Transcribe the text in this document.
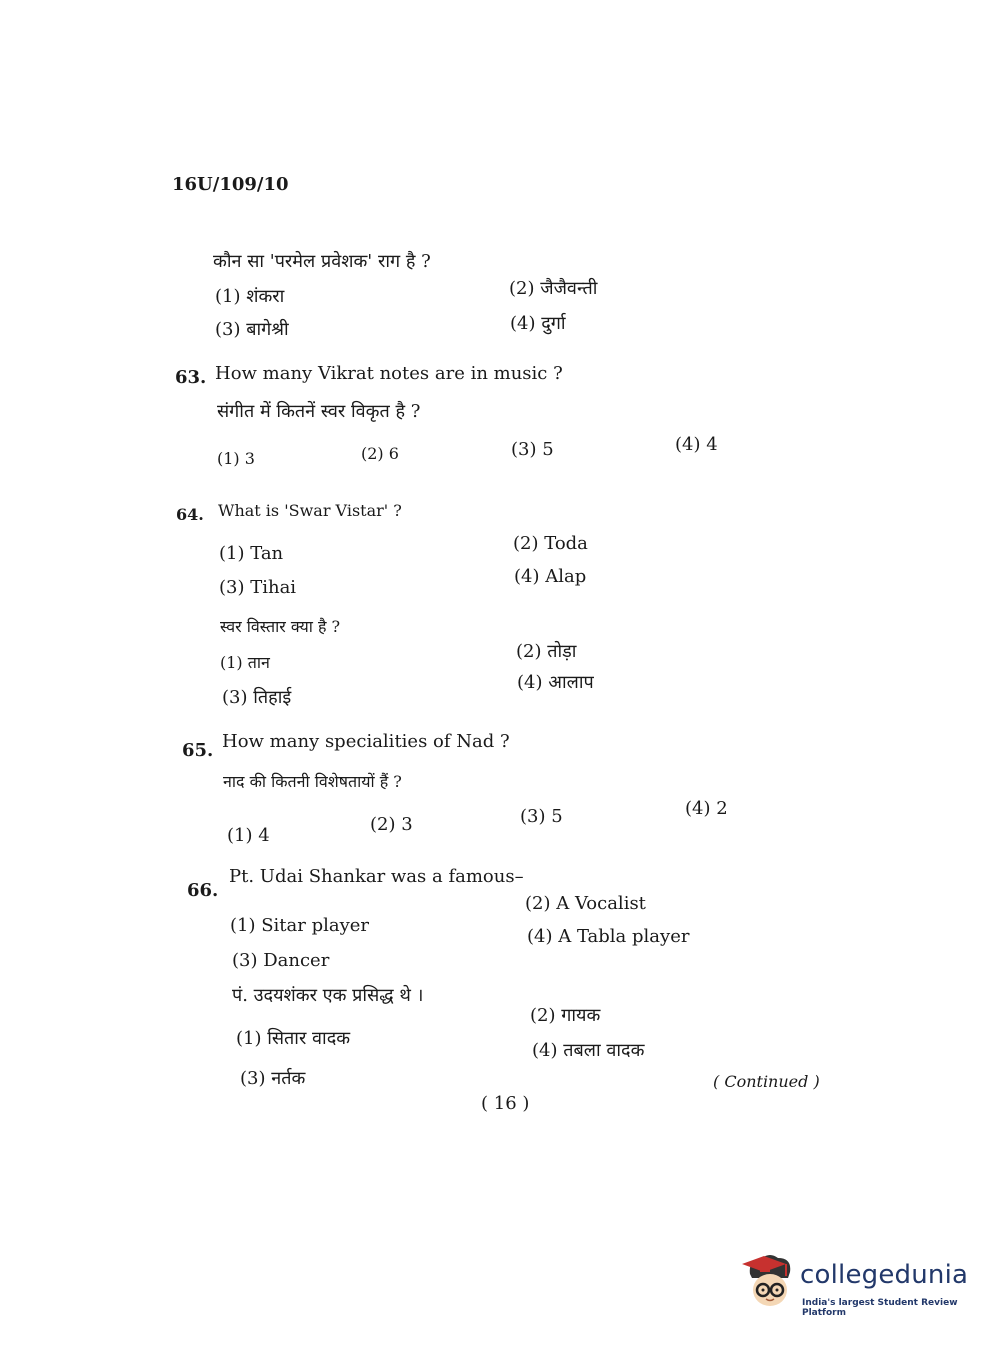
16U/109/10
कौन सा 'परमेल प्रवेशक' राग है ?
(1) शंकरा	(2) जैजैवन्ती
(3) बागेश्री	(4) दुर्गा
63. How many Vikrat notes are in music ?
संगीत में कितनें स्वर विकृत है ?
(1) 3	(2) 6	(3) 5	(4) 4
64. What is 'Swar Vistar' ?
(1) Tan	(2) Toda
(3) Tihai
(4) Alap
स्वर विस्तार क्या है ?
(1) तान
(2) तोड़ा
(3) तिहाई
(4) आलाप
65. How many specialities of Nad ?
नाद की कितनी विशेषतायों हैं ?
(1) 4
(2) 3	(3) 5	(4) 2
66.
Pt. Udai Shankar was a famous–
(1) Sitar player
(2) A Vocalist
(3) Dancer
(4) A Tabla player
पं. उदयशंकर एक प्रसिद्ध थे ।
(1) सितार वादक
(2) गायक
(3) नर्तक
(4) तबला वादक
( Continued )
( 16 )
collegedunia
India's largest Student Review Platform
